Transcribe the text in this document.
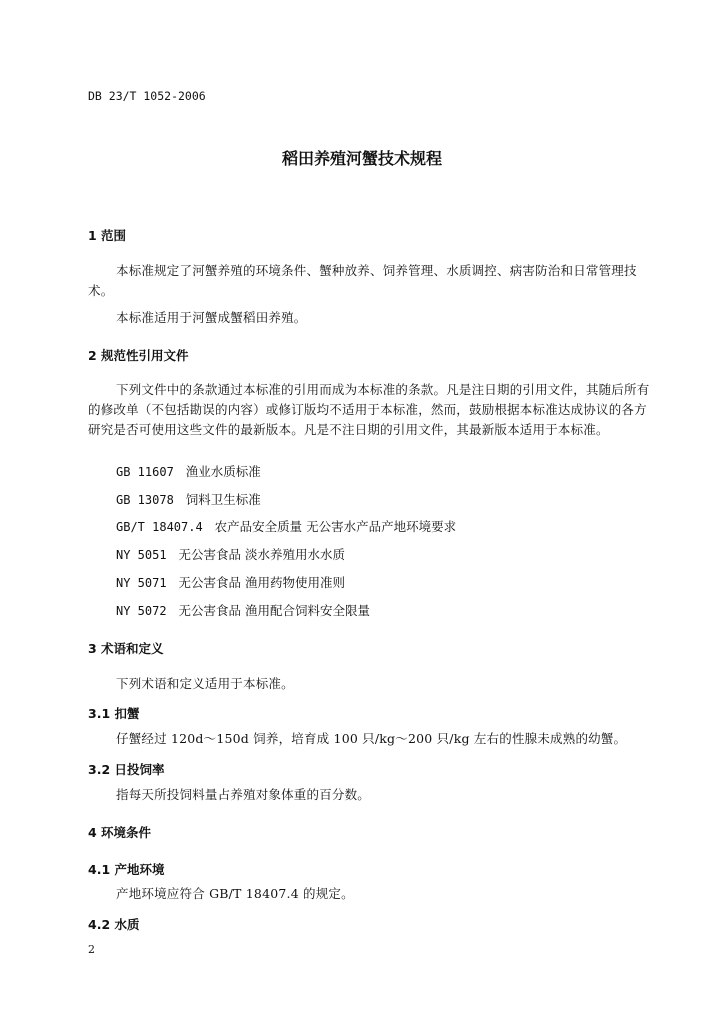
DB 23/T 1052-2006
稻田养殖河蟹技术规程
1 范围
本标准规定了河蟹养殖的环境条件、蟹种放养、饲养管理、水质调控、病害防治和日常管理技术。
本标准适用于河蟹成蟹稻田养殖。
2 规范性引用文件
下列文件中的条款通过本标准的引用而成为本标准的条款。凡是注日期的引用文件，其随后所有的修改单（不包括勘误的内容）或修订版均不适用于本标准，然而，鼓励根据本标准达成协议的各方研究是否可使用这些文件的最新版本。凡是不注日期的引用文件，其最新版本适用于本标准。
GB 11607 渔业水质标准
GB 13078 饲料卫生标准
GB/T 18407.4 农产品安全质量 无公害水产品产地环境要求
NY 5051 无公害食品 淡水养殖用水水质
NY 5071 无公害食品 渔用药物使用准则
NY 5072 无公害食品 渔用配合饲料安全限量
3 术语和定义
下列术语和定义适用于本标准。
3.1 扣蟹
仔蟹经过 120d～150d 饲养，培育成 100 只/kg～200 只/kg 左右的性腺未成熟的幼蟹。
3.2 日投饲率
指每天所投饲料量占养殖对象体重的百分数。
4 环境条件
4.1 产地环境
产地环境应符合 GB/T 18407.4 的规定。
4.2 水质
2
